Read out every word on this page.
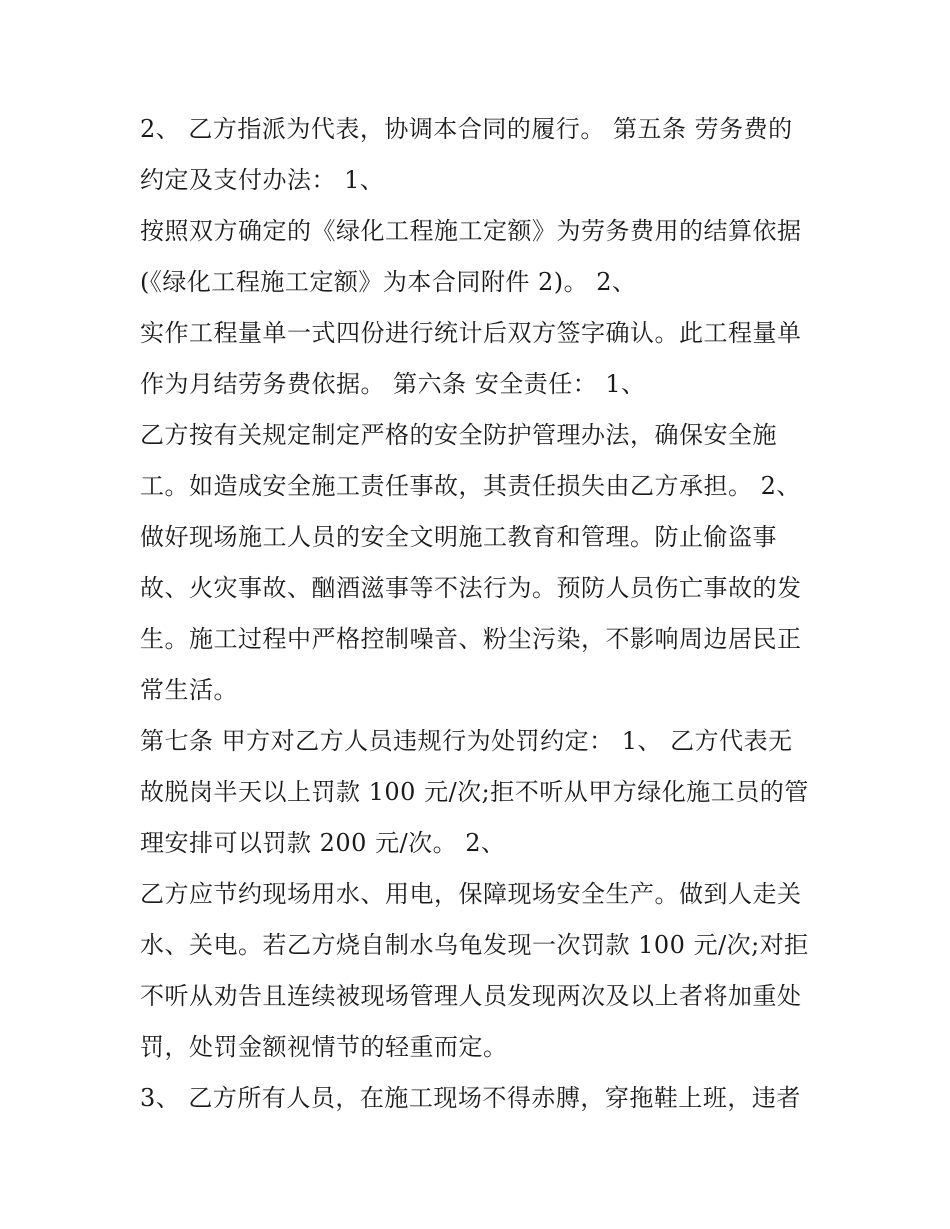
2、 乙方指派为代表，协调本合同的履行。 第五条 劳务费的
约定及支付办法： 1、
按照双方确定的《绿化工程施工定额》为劳务费用的结算依据
(《绿化工程施工定额》为本合同附件 2)。 2、
实作工程量单一式四份进行统计后双方签字确认。此工程量单
作为月结劳务费依据。 第六条 安全责任： 1、
乙方按有关规定制定严格的安全防护管理办法，确保安全施
工。如造成安全施工责任事故，其责任损失由乙方承担。 2、
做好现场施工人员的安全文明施工教育和管理。防止偷盗事
故、火灾事故、酗酒滋事等不法行为。预防人员伤亡事故的发
生。施工过程中严格控制噪音、粉尘污染，不影响周边居民正
常生活。
第七条 甲方对乙方人员违规行为处罚约定： 1、 乙方代表无
故脱岗半天以上罚款 100 元/次;拒不听从甲方绿化施工员的管
理安排可以罚款 200 元/次。 2、
乙方应节约现场用水、用电，保障现场安全生产。做到人走关
水、关电。若乙方烧自制水乌龟发现一次罚款 100 元/次;对拒
不听从劝告且连续被现场管理人员发现两次及以上者将加重处
罚，处罚金额视情节的轻重而定。
3、 乙方所有人员，在施工现场不得赤膊，穿拖鞋上班，违者
